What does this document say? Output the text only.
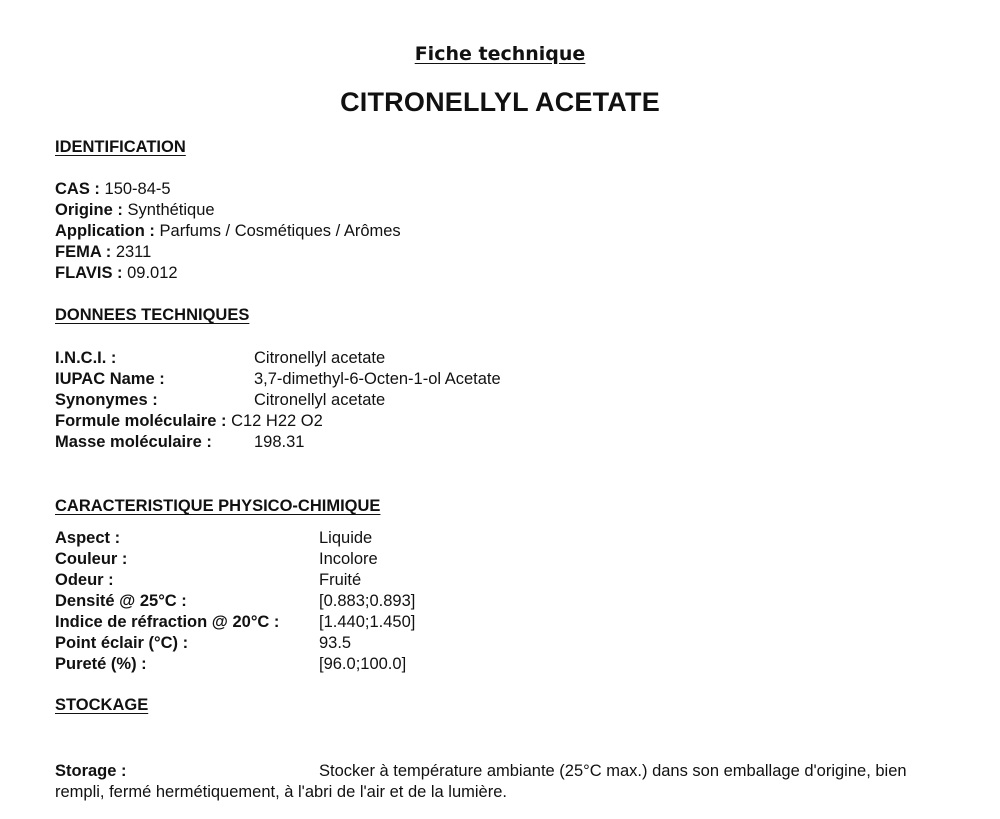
Fiche technique
CITRONELLYL ACETATE
IDENTIFICATION
CAS : 150-84-5
Origine : Synthétique
Application : Parfums / Cosmétiques / Arômes
FEMA : 2311
FLAVIS : 09.012
DONNEES TECHNIQUES
I.N.C.I. :	Citronellyl acetate
IUPAC Name :	3,7-dimethyl-6-Octen-1-ol Acetate
Synonymes :	Citronellyl acetate
Formule moléculaire : C12 H22 O2
Masse moléculaire :	198.31
CARACTERISTIQUE PHYSICO-CHIMIQUE
Aspect :	Liquide
Couleur :	Incolore
Odeur :	Fruité
Densité @ 25°C :	[0.883;0.893]
Indice de réfraction @ 20°C : [1.440;1.450]
Point éclair (°C) :	93.5
Pureté (%) :	[96.0;100.0]
STOCKAGE
Storage :	Stocker à température ambiante (25°C max.) dans son emballage d'origine, bien rempli, fermé hermétiquement, à l'abri de l'air et de la lumière.
